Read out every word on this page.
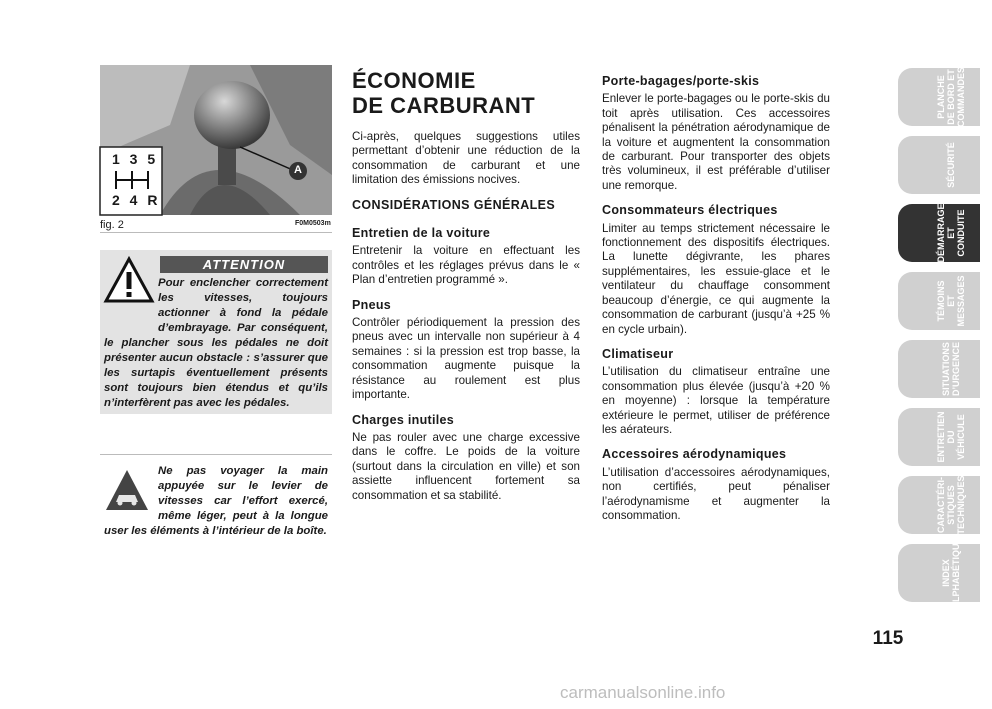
1 3 5
2 4 R
A
fig. 2	F0M0503m
ATTENTION
Pour enclencher correctement les vitesses, toujours actionner à fond la pédale d’embrayage. Par conséquent, le plancher sous les pédales ne doit présenter aucun obstacle : s’assurer que les surtapis éventuellement présents sont toujours bien étendus et qu’ils n’interfèrent pas avec les pédales.
Ne pas voyager la main appuyée sur le levier de vitesses car l’effort exercé, même léger, peut à la longue user les éléments à l’intérieur de la boîte.
ÉCONOMIE
DE CARBURANT

Ci-après, quelques suggestions utiles permettant d’obtenir une réduction de la consommation de carburant et une limitation des émissions nocives.

CONSIDÉRATIONS GÉNÉRALES
Entretien de la voiture

Entretenir la voiture en effectuant les contrôles et les réglages prévus dans le « Plan d’entretien programmé ».

Pneus

Contrôler périodiquement la pression des pneus avec un intervalle non supérieur à 4 semaines : si la pression est trop basse, la consommation augmente puisque la résistance au roulement est plus importante.

Charges inutiles

Ne pas rouler avec une charge excessive dans le coffre. Le poids de la voiture (surtout dans la circulation en ville) et son assiette influencent fortement sa consommation et sa stabilité.

Porte-bagages/porte-skis

Enlever le porte-bagages ou le porte-skis du toit après utilisation. Ces accessoires pénalisent la pénétration aérodynamique de la voiture et augmentent la consommation de carburant. Pour transporter des objets très volumineux, il est préférable d’utiliser une remorque.

Consommateurs électriques

Limiter au temps strictement nécessaire le fonctionnement des dispositifs électriques. La lunette dégivrante, les phares supplémentaires, les essuie-glace et le ventilateur du chauffage consomment beaucoup d’énergie, ce qui augmente la consommation de carburant (jusqu’à +25 % en cycle urbain).

Climatiseur

L’utilisation du climatiseur entraîne une consommation plus élevée (jusqu’à +20 % en moyenne) : lorsque la température extérieure le permet, utiliser de préférence les aérateurs.

Accessoires aérodynamiques

L’utilisation d’accessoires aérodynamiques, non certifiés, peut pénaliser l’aérodynamisme et augmenter la consommation.

PLANCHE DE BORD ET COMMANDES
SÉCURITÉ
DÉMARRAGE ET CONDUITE
TÉMOINS ET MESSAGES
SITUATIONS D’URGENCE
ENTRETIEN DU VÉHICULE
CARACTÉRI- STIQUES TECHNIQUES
INDEX ALPHABÉTIQUE
115
carmanualsonline.info
